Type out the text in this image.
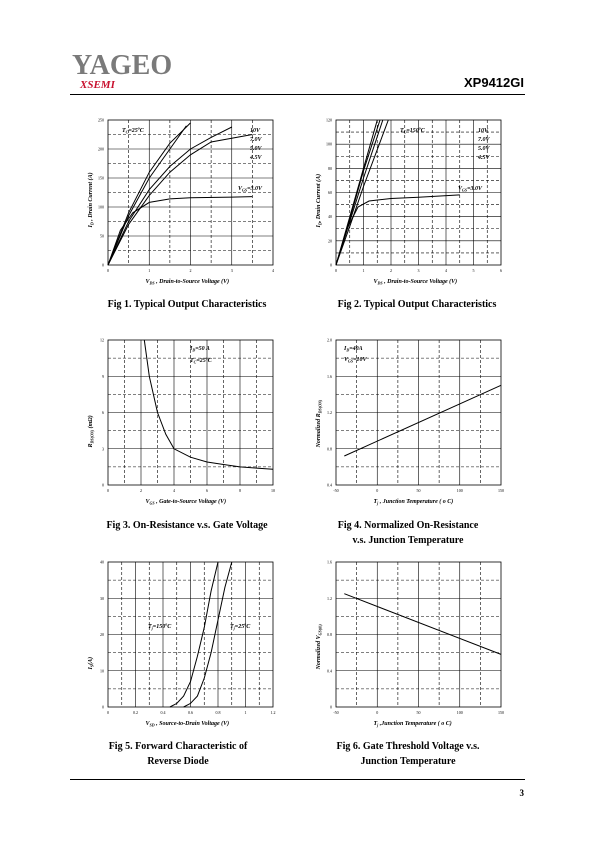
YAGEO
XSEMI	XP9412GI
0	1	2	3	4
0
50
100
150
200
250
$V_{DS}$ , Drain-to-Source Voltage (V)
$I_D$ , Drain Current (A)
$T_C=25^oC$	10V
7.0V
5.0V
4.5V
$V_{GS}=3.0V$
0	1	2	3	4	5	6
0
20
40
60
80
100
120
$V_{DS}$ , Drain-to-Source Voltage (V)
$I_D$, Drain Current (A)
$T_C=150^oC$	10V
7.0V
5.0V
4.5V
$V_{GS}=3.0V$
0	2	4	6	8	10
0
3
6
9
12
$V_{GS}$ , Gate-to-Source Voltage (V)
$R_{DS(ON)}$ (mΩ)
$I_D=50$ A
$T_C=25^oC$
-50	0	50	100	150
0.4
0.8
1.2
1.6
2.0
$T_j$ , Junction Temperature ( o C)
Normalized $R_{DS(ON)}$
$I_D=40A$
$V_{GS}=10V$
0	0.2	0.4	0.6	0.8	1	1.2
0
10
20
30
40
$V_{SD}$ , Source-to-Drain Voltage (V)
$I_S(A)$
$T_j=150^oC$	$T_j=25^oC$
-50	0	50	100	150
0
0.4
0.8
1.2
1.6
$T_j$ ,Junction Temperature ( o C)
Normalized $V_{GS(th)}$
Fig 1. Typical Output Characteristics	Fig 2. Typical Output Characteristics
Fig 3. On-Resistance v.s. Gate Voltage	Fig 4. Normalized On-Resistance
v.s. Junction Temperature
Fig 5. Forward Characteristic of
Reverse Diode
Fig 6. Gate Threshold Voltage v.s.
Junction Temperature
3
